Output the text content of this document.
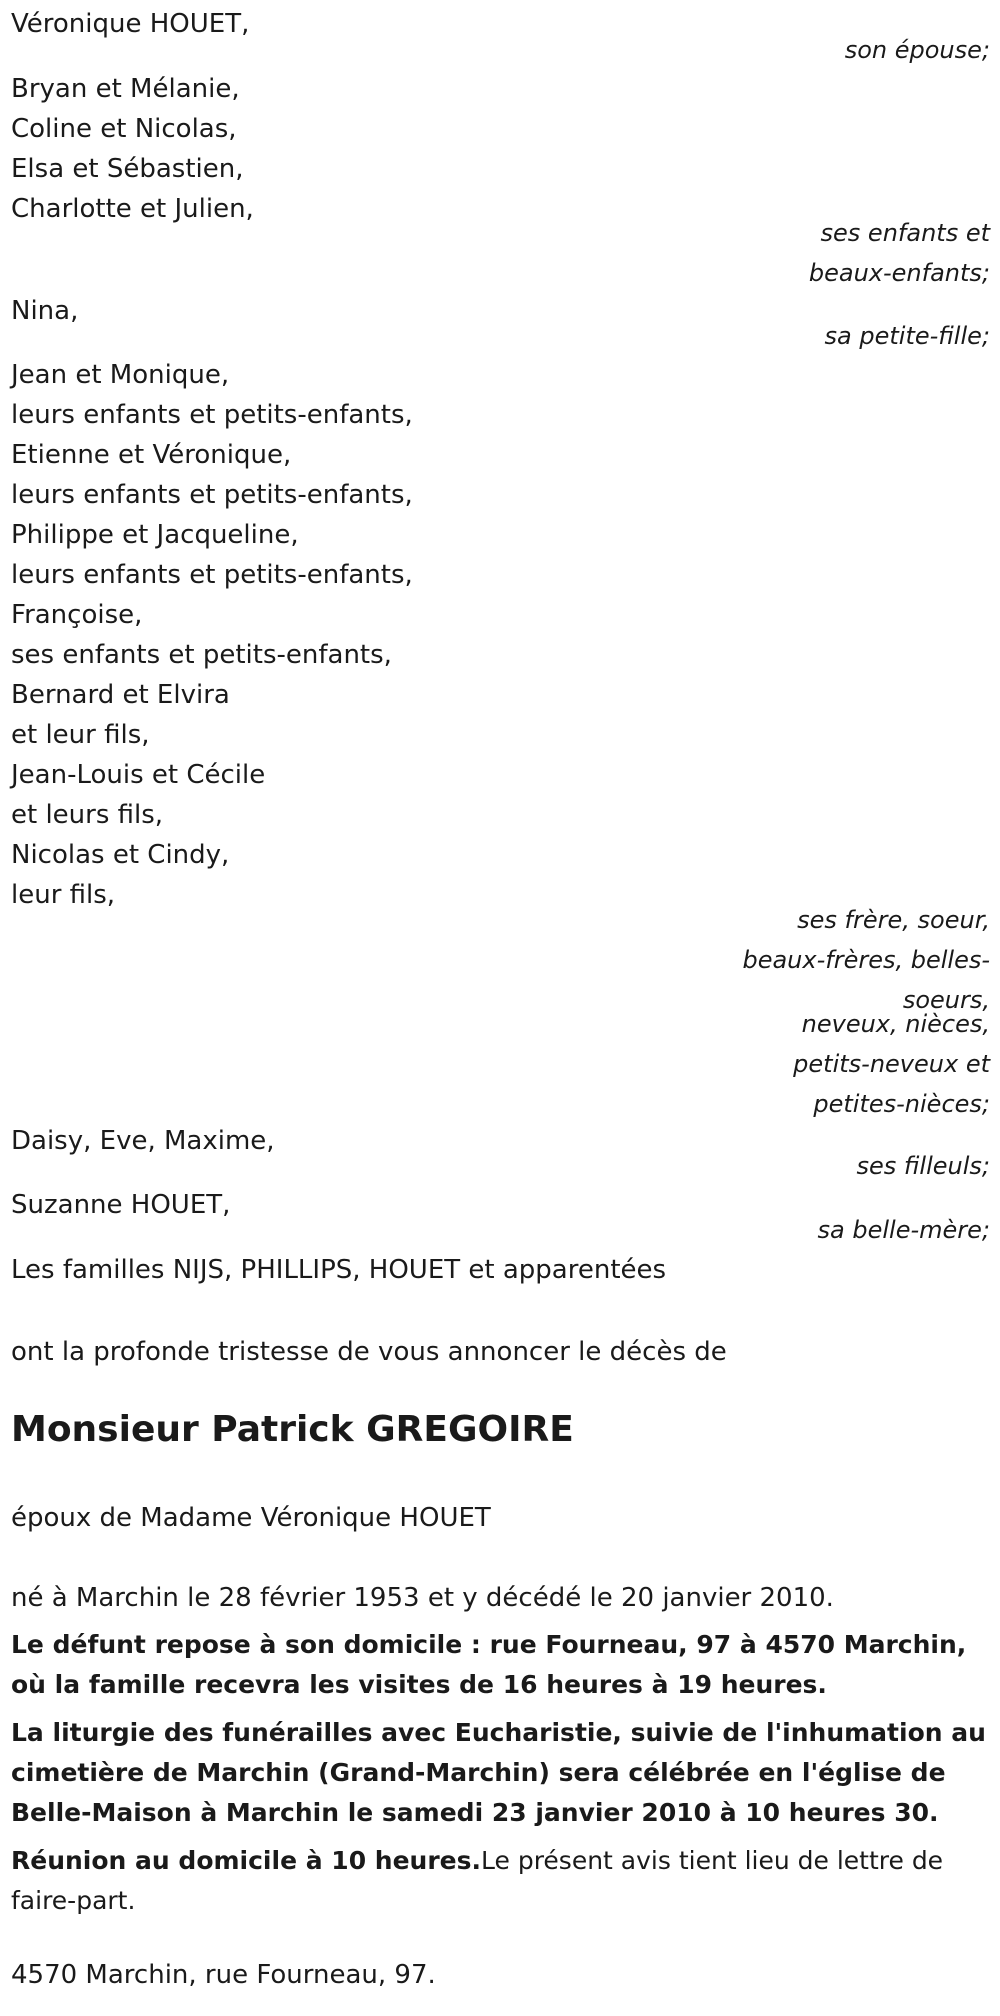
Véronique HOUET,
Bryan et Mélanie,
Coline et Nicolas,
Elsa et Sébastien,
Charlotte et Julien,
Nina,
Jean et Monique,
leurs enfants et petits-enfants,
Etienne et Véronique,
leurs enfants et petits-enfants,
Philippe et Jacqueline,
leurs enfants et petits-enfants,
Françoise,
ses enfants et petits-enfants,
Bernard et Elvira
et leur fils,
Jean-Louis et Cécile
et leurs fils,
Nicolas et Cindy,
leur fils,
Daisy, Eve, Maxime,
Suzanne HOUET,
Les familles NIJS, PHILLIPS, HOUET et apparentées
son épouse;
ses enfants et
beaux-enfants;
sa petite-fille;
ses frère, soeur,
beaux-frères, belles-
soeurs,
neveux, nièces,
petits-neveux et
petites-nièces;
ses filleuls;
sa belle-mère;
ont la profonde tristesse de vous annoncer le décès de
Monsieur Patrick GREGOIRE
époux de Madame Véronique HOUET
né à Marchin le 28 février 1953 et y décédé le 20 janvier 2010.
Le défunt repose à son domicile : rue Fourneau, 97 à 4570 Marchin, où la famille recevra les visites de 16 heures à 19 heures.
La liturgie des funérailles avec Eucharistie, suivie de l'inhumation au cimetière de Marchin (Grand-Marchin) sera célébrée en l'église de Belle-Maison à Marchin le samedi 23 janvier 2010 à 10 heures 30.
Réunion au domicile à 10 heures.Le présent avis tient lieu de lettre de faire-part.
4570 Marchin, rue Fourneau, 97.
